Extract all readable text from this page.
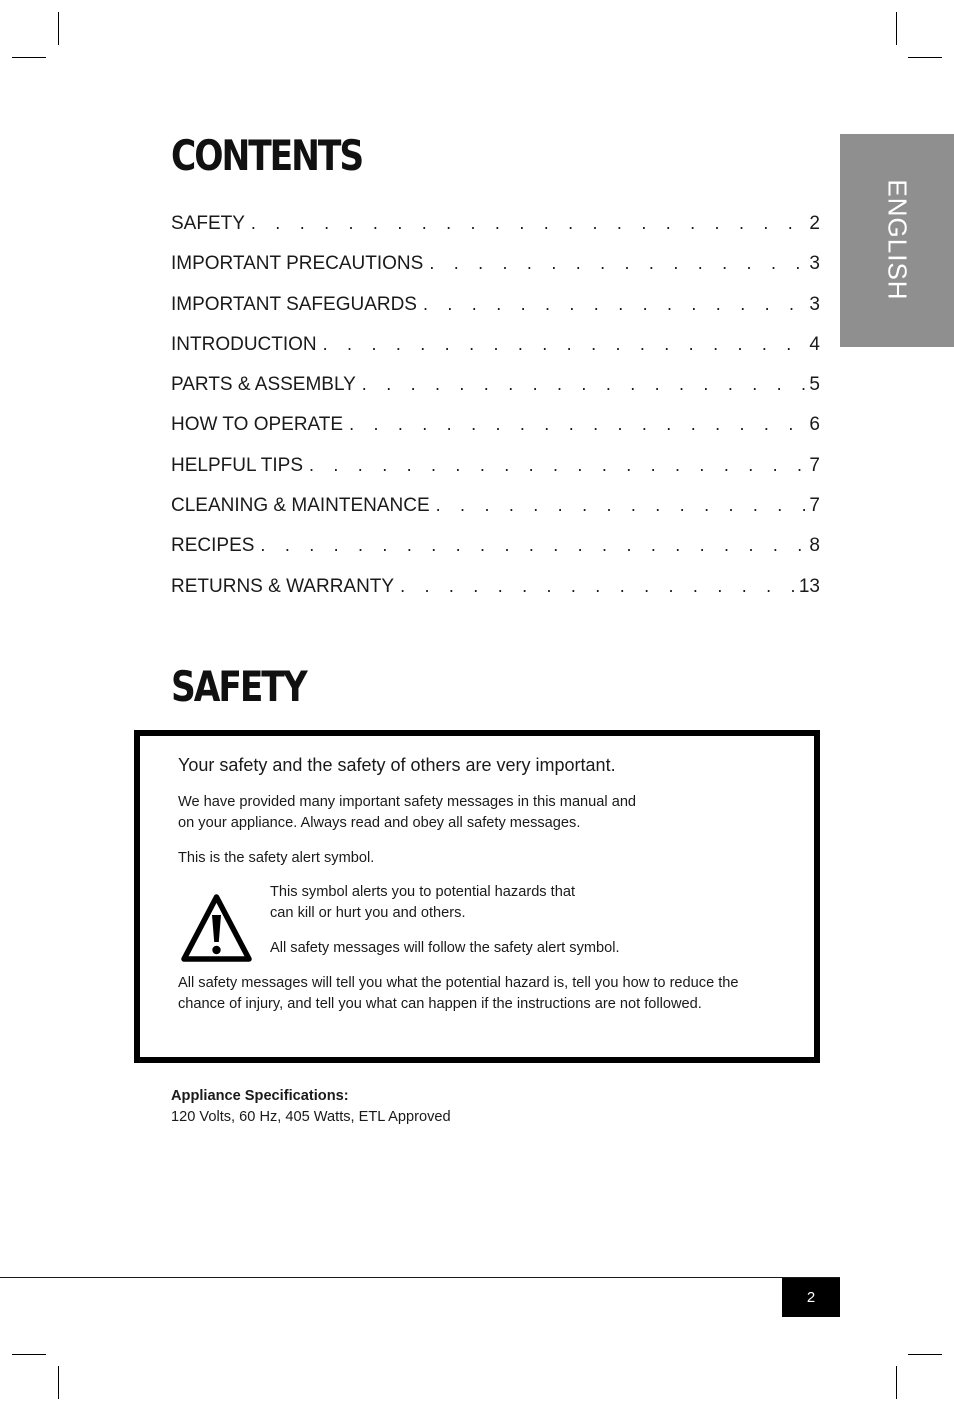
CONTENTS
SAFETY . . .	2
IMPORTANT PRECAUTIONS . . .	3
IMPORTANT SAFEGUARDS . . .	3
INTRODUCTION . . .	4
PARTS & ASSEMBLY . . .	5
HOW TO OPERATE . . .	6
HELPFUL TIPS . . .	7
CLEANING & MAINTENANCE . . .	7
RECIPES . . .	8
RETURNS & WARRANTY . . .	13
SAFETY
Your safety and the safety of others are very important.
We have provided many important safety messages in this manual and
on your appliance. Always read and obey all safety messages.
This is the safety alert symbol.
This symbol alerts you to potential hazards that
can kill or hurt you and others.
All safety messages will follow the safety alert symbol.
All safety messages will tell you what the potential hazard is, tell you how to reduce the
chance of injury, and tell you what can happen if the instructions are not followed.
Appliance Specifications:
120 Volts, 60 Hz, 405 Watts, ETL Approved
2
ENGLISH
